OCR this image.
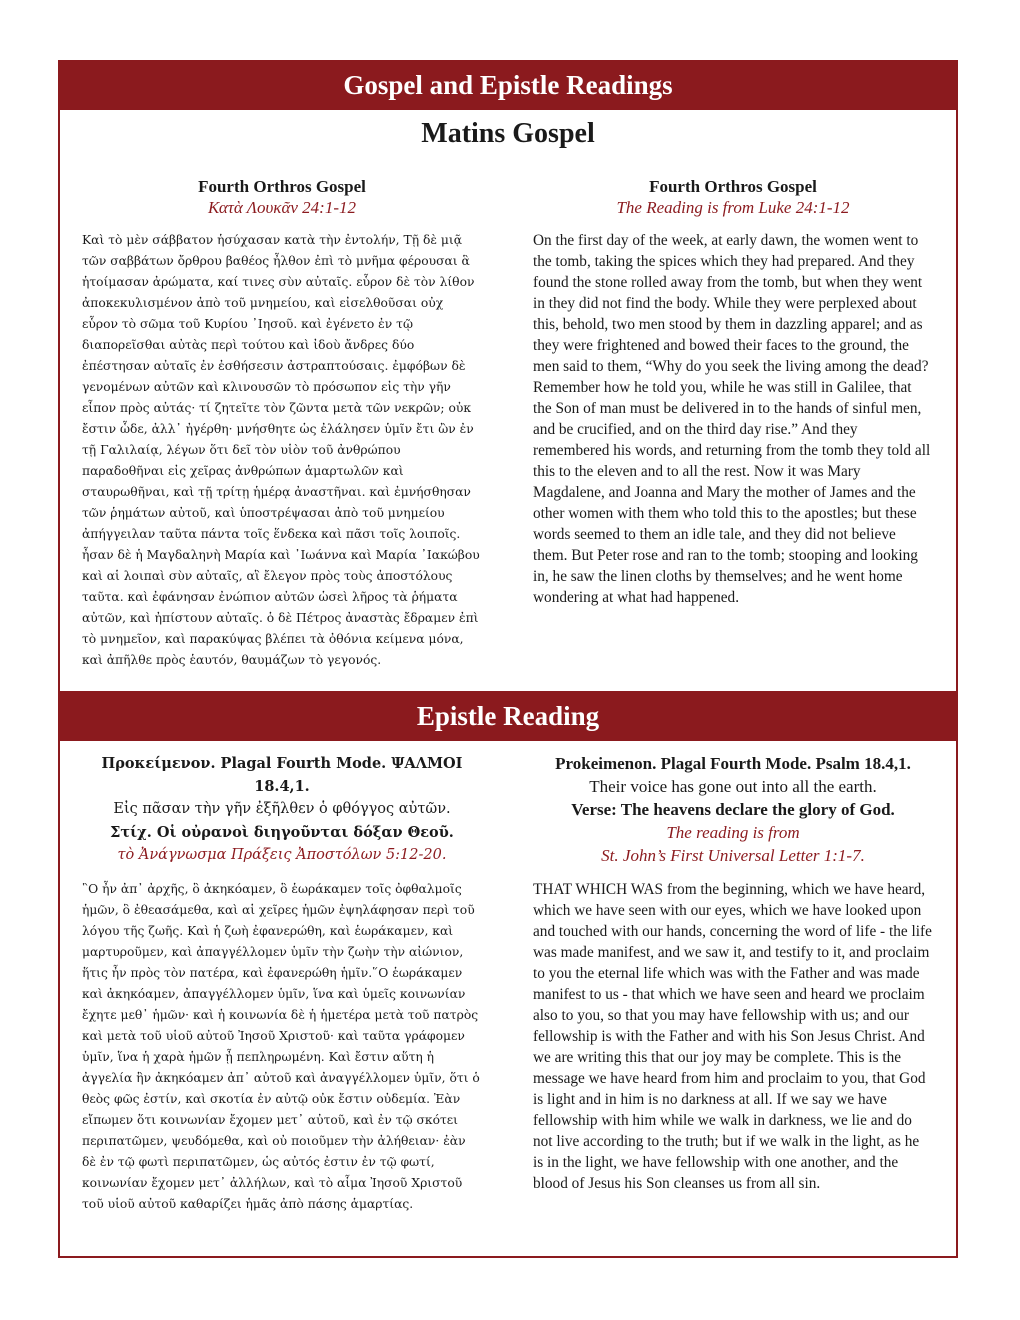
Gospel and Epistle Readings
Matins Gospel
Fourth Orthros Gospel
Κατὰ Λουκᾶν 24:1-12
Καὶ τὸ μὲν σάββατον ἡσύχασαν κατὰ τὴν ἐντολήν, Τῇ δὲ μιᾷ τῶν σαββάτων ὄρθρου βαθέος ἦλθον ἐπὶ τὸ μνῆμα φέρουσαι ἃ ἡτοίμασαν ἀρώματα, καί τινες σὺν αὐταῖς. εὗρον δὲ τὸν λίθον ἀποκεκυλισμένον ἀπὸ τοῦ μνημείου, καὶ εἰσελθοῦσαι οὐχ εὗρον τὸ σῶμα τοῦ Κυρίου ᾿Ιησοῦ. καὶ ἐγένετο ἐν τῷ διαπορεῖσθαι αὐτὰς περὶ τούτου καὶ ἰδοὺ ἄνδρες δύο ἐπέστησαν αὐταῖς ἐν ἐσθήσεσιν ἀστραπτούσαις. ἐμφόβων δὲ γενομένων αὐτῶν καὶ κλινουσῶν τὸ πρόσωπον εἰς τὴν γῆν εἶπον πρὸς αὐτάς· τί ζητεῖτε τὸν ζῶντα μετὰ τῶν νεκρῶν; οὐκ ἔστιν ὧδε, ἀλλ᾿ ἠγέρθη· μνήσθητε ὡς ἐλάλησεν ὑμῖν ἔτι ὢν ἐν τῇ Γαλιλαίᾳ, λέγων ὅτι δεῖ τὸν υἱὸν τοῦ ἀνθρώπου παραδοθῆναι εἰς χεῖρας ἀνθρώπων ἁμαρτωλῶν καὶ σταυρωθῆναι, καὶ τῇ τρίτῃ ἡμέρᾳ ἀναστῆναι. καὶ ἐμνήσθησαν τῶν ῥημάτων αὐτοῦ, καὶ ὑποστρέψασαι ἀπὸ τοῦ μνημείου ἀπήγγειλαν ταῦτα πάντα τοῖς ἕνδεκα καὶ πᾶσι τοῖς λοιποῖς. ἦσαν δὲ ἡ Μαγδαληνὴ Μαρία καὶ ᾿Ιωάννα καὶ Μαρία ᾿Ιακώβου καὶ αἱ λοιπαὶ σὺν αὐταῖς, αἳ ἔλεγον πρὸς τοὺς ἀποστόλους ταῦτα. καὶ ἐφάνησαν ἐνώπιον αὐτῶν ὡσεὶ λῆρος τὰ ῥήματα αὐτῶν, καὶ ἠπίστουν αὐταῖς. ὁ δὲ Πέτρος ἀναστὰς ἔδραμεν ἐπὶ τὸ μνημεῖον, καὶ παρακύψας βλέπει τὰ ὀθόνια κείμενα μόνα, καὶ ἀπῆλθε πρὸς ἑαυτόν, θαυμάζων τὸ γεγονός.
Fourth Orthros Gospel
The Reading is from Luke 24:1-12
On the first day of the week, at early dawn, the women went to the tomb, taking the spices which they had prepared. And they found the stone rolled away from the tomb, but when they went in they did not find the body. While they were perplexed about this, behold, two men stood by them in dazzling apparel; and as they were frightened and bowed their faces to the ground, the men said to them, “Why do you seek the living among the dead? Remember how he told you, while he was still in Galilee, that the Son of man must be delivered in to the hands of sinful men, and be crucified, and on the third day rise.” And they remembered his words, and returning from the tomb they told all this to the eleven and to all the rest. Now it was Mary Magdalene, and Joanna and Mary the mother of James and the other women with them who told this to the apostles; but these words seemed to them an idle tale, and they did not believe them. But Peter rose and ran to the tomb; stooping and looking in, he saw the linen cloths by themselves; and he went home wondering at what had happened.
Epistle Reading
Προκείμενον. Plagal Fourth Mode. ΨΑΛΜΟΙ 18.4,1.
Εἰς πᾶσαν τὴν γῆν ἐξῆλθεν ὁ φθόγγος αὐτῶν.
Στίχ. Οἱ οὐρανοὶ διηγοῦνται δόξαν Θεοῦ.
τὸ Ἀνάγνωσμα Πράξεις Ἀποστόλων 5:12-20.
῝Ο ἦν ἀπ᾿ ἀρχῆς, ὃ ἀκηκόαμεν, ὃ ἑωράκαμεν τοῖς ὀφθαλμοῖς ἡμῶν, ὃ ἐθεασάμεθα, καὶ αἱ χεῖρες ἡμῶν ἐψηλάφησαν περὶ τοῦ λόγου τῆς ζωῆς. Καὶ ἡ ζωὴ ἐφανερώθη, καὶ ἑωράκαμεν, καὶ μαρτυροῦμεν, καὶ ἀπαγγέλλομεν ὑμῖν τὴν ζωὴν τὴν αἰώνιον, ἥτις ἦν πρὸς τὸν πατέρα, καὶ ἐφανερώθη ἡμῖν.῞Ο ἑωράκαμεν καὶ ἀκηκόαμεν, ἀπαγγέλλομεν ὑμῖν, ἵνα καὶ ὑμεῖς κοινωνίαν ἔχητε μεθ᾿ ἡμῶν· καὶ ἡ κοινωνία δὲ ἡ ἡμετέρα μετὰ τοῦ πατρὸς καὶ μετὰ τοῦ υἱοῦ αὐτοῦ Ἰησοῦ Χριστοῦ· καὶ ταῦτα γράφομεν ὑμῖν, ἵνα ἡ χαρὰ ἡμῶν ᾖ πεπληρωμένη. Καὶ ἔστιν αὕτη ἡ ἀγγελία ἣν ἀκηκόαμεν ἀπ᾿ αὐτοῦ καὶ ἀναγγέλλομεν ὑμῖν, ὅτι ὁ θεὸς φῶς ἐστίν, καὶ σκοτία ἐν αὐτῷ οὐκ ἔστιν οὐδεμία. Ἐὰν εἴπωμεν ὅτι κοινωνίαν ἔχομεν μετ᾿ αὐτοῦ, καὶ ἐν τῷ σκότει περιπατῶμεν, ψευδόμεθα, καὶ οὐ ποιοῦμεν τὴν ἀλήθειαν· ἐὰν δὲ ἐν τῷ φωτὶ περιπατῶμεν, ὡς αὐτός ἐστιν ἐν τῷ φωτί, κοινωνίαν ἔχομεν μετ᾿ ἀλλήλων, καὶ τὸ αἷμα Ἰησοῦ Χριστοῦ τοῦ υἱοῦ αὐτοῦ καθαρίζει ἡμᾶς ἀπὸ πάσης ἁμαρτίας.
Prokeimenon. Plagal Fourth Mode. Psalm 18.4,1.
Their voice has gone out into all the earth.
Verse: The heavens declare the glory of God.
The reading is from
St. John’s First Universal Letter 1:1-7.
THAT WHICH WAS from the beginning, which we have heard, which we have seen with our eyes, which we have looked upon and touched with our hands, concerning the word of life - the life was made manifest, and we saw it, and testify to it, and proclaim to you the eternal life which was with the Father and was made manifest to us - that which we have seen and heard we proclaim also to you, so that you may have fellowship with us; and our fellowship is with the Father and with his Son Jesus Christ. And we are writing this that our joy may be complete. This is the message we have heard from him and proclaim to you, that God is light and in him is no darkness at all. If we say we have fellowship with him while we walk in darkness, we lie and do not live according to the truth; but if we walk in the light, as he is in the light, we have fellowship with one another, and the blood of Jesus his Son cleanses us from all sin.
